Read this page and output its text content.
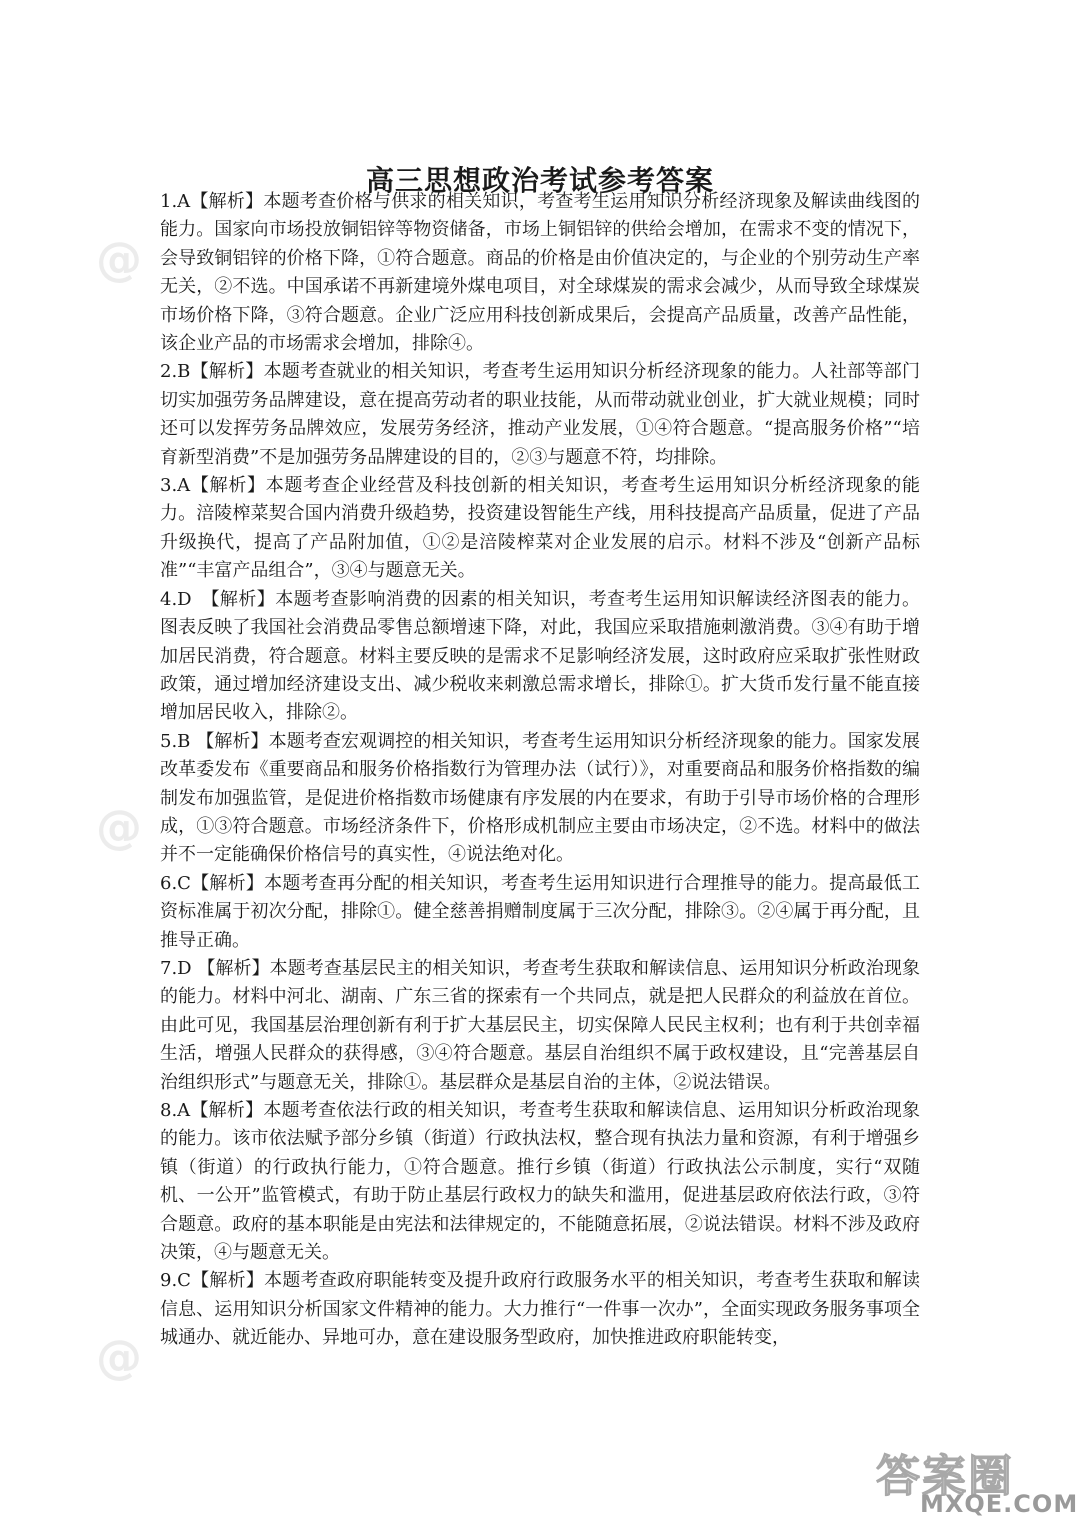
@
@
@
高三思想政治考试参考答案

1.A【解析】本题考查价格与供求的相关知识，考查考生运用知识分析经济现象及解读曲线图的能力。国家向市场投放铜铝锌等物资储备，市场上铜铝锌的供给会增加，在需求不变的情况下，会导致铜铝锌的价格下降，①符合题意。商品的价格是由价值决定的，与企业的个别劳动生产率无关，②不选。中国承诺不再新建境外煤电项目，对全球煤炭的需求会减少，从而导致全球煤炭市场价格下降，③符合题意。企业广泛应用科技创新成果后，会提高产品质量，改善产品性能，该企业产品的市场需求会增加，排除④。

2.B【解析】本题考查就业的相关知识，考查考生运用知识分析经济现象的能力。人社部等部门切实加强劳务品牌建设，意在提高劳动者的职业技能，从而带动就业创业，扩大就业规模；同时还可以发挥劳务品牌效应，发展劳务经济，推动产业发展，①④符合题意。“提高服务价格”“培育新型消费”不是加强劳务品牌建设的目的，②③与题意不符，均排除。

3.A【解析】本题考查企业经营及科技创新的相关知识，考查考生运用知识分析经济现象的能力。涪陵榨菜契合国内消费升级趋势，投资建设智能生产线，用科技提高产品质量，促进了产品升级换代，提高了产品附加值，①②是涪陵榨菜对企业发展的启示。材料不涉及“创新产品标准”“丰富产品组合”，③④与题意无关。

4.D　【解析】本题考查影响消费的因素的相关知识，考查考生运用知识解读经济图表的能力。图表反映了我国社会消费品零售总额增速下降，对此，我国应采取措施刺激消费。③④有助于增加居民消费，符合题意。材料主要反映的是需求不足影响经济发展，这时政府应采取扩张性财政政策，通过增加经济建设支出、减少税收来刺激总需求增长，排除①。扩大货币发行量不能直接增加居民收入，排除②。

5.B 【解析】本题考查宏观调控的相关知识，考查考生运用知识分析经济现象的能力。国家发展改革委发布《重要商品和服务价格指数行为管理办法（试行）》，对重要商品和服务价格指数的编制发布加强监管，是促进价格指数市场健康有序发展的内在要求，有助于引导市场价格的合理形成，①③符合题意。市场经济条件下，价格形成机制应主要由市场决定，②不选。材料中的做法并不一定能确保价格信号的真实性，④说法绝对化。

6.C【解析】本题考查再分配的相关知识，考查考生运用知识进行合理推导的能力。提高最低工资标准属于初次分配，排除①。健全慈善捐赠制度属于三次分配，排除③。②④属于再分配，且推导正确。

7.D 【解析】本题考查基层民主的相关知识，考查考生获取和解读信息、运用知识分析政治现象的能力。材料中河北、湖南、广东三省的探索有一个共同点，就是把人民群众的利益放在首位。由此可见，我国基层治理创新有利于扩大基层民主，切实保障人民民主权利；也有利于共创幸福生活，增强人民群众的获得感，③④符合题意。基层自治组织不属于政权建设，且“完善基层自治组织形式”与题意无关，排除①。基层群众是基层自治的主体，②说法错误。

8.A【解析】本题考查依法行政的相关知识，考查考生获取和解读信息、运用知识分析政治现象的能力。该市依法赋予部分乡镇（街道）行政执法权，整合现有执法力量和资源，有利于增强乡镇（街道）的行政执行能力，①符合题意。推行乡镇（街道）行政执法公示制度，实行“双随机、一公开”监管模式，有助于防止基层行政权力的缺失和滥用，促进基层政府依法行政，③符合题意。政府的基本职能是由宪法和法律规定的，不能随意拓展，②说法错误。材料不涉及政府决策，④与题意无关。

9.C【解析】本题考查政府职能转变及提升政府行政服务水平的相关知识，考查考生获取和解读信息、运用知识分析国家文件精神的能力。大力推行“一件事一次办”，全面实现政务服务事项全城通办、就近能办、异地可办，意在建设服务型政府，加快推进政府职能转变，

答案圈
MXQE.COM
